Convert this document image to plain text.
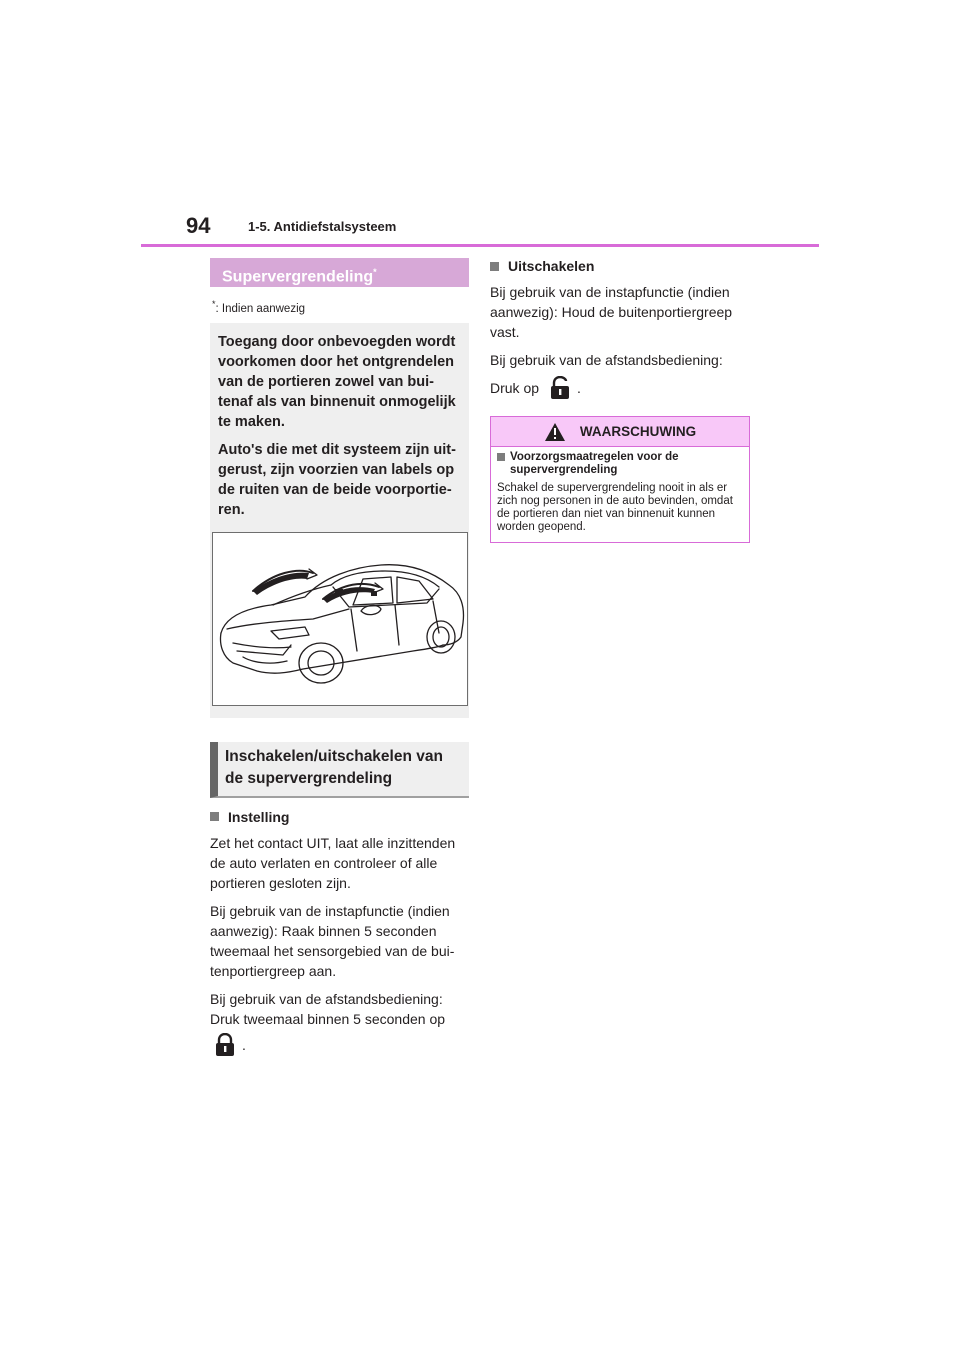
94	1-5. Antidiefstalsysteem
Supervergrendeling*
*: Indien aanwezig

Toegang door onbevoegden wordt voorkomen door het ontgrendelen van de portieren zowel van bui-tenaf als van binnenuit onmogelijk te maken.

Auto's die met dit systeem zijn uit-gerust, zijn voorzien van labels op de ruiten van de beide voorportie-ren.

Inschakelen/uitschakelen van de supervergrendeling
Instelling

Zet het contact UIT, laat alle inzittenden de auto verlaten en controleer of alle portieren gesloten zijn.

Bij gebruik van de instapfunctie (indien aanwezig): Raak binnen 5 seconden tweemaal het sensorgebied van de bui-tenportiergreep aan.

Bij gebruik van de afstandsbediening: Druk tweemaal binnen 5 seconden op

.
Uitschakelen

Bij gebruik van de instapfunctie (indien aanwezig): Houd de buitenportiergreep vast.

Bij gebruik van de afstandsbediening:

Druk op	.
WAARSCHUWING
Voorzorgsmaatregelen voor de supervergrendeling

Schakel de supervergrendeling nooit in als er zich nog personen in de auto bevinden, omdat de portieren dan niet van binnenuit kunnen worden geopend.
